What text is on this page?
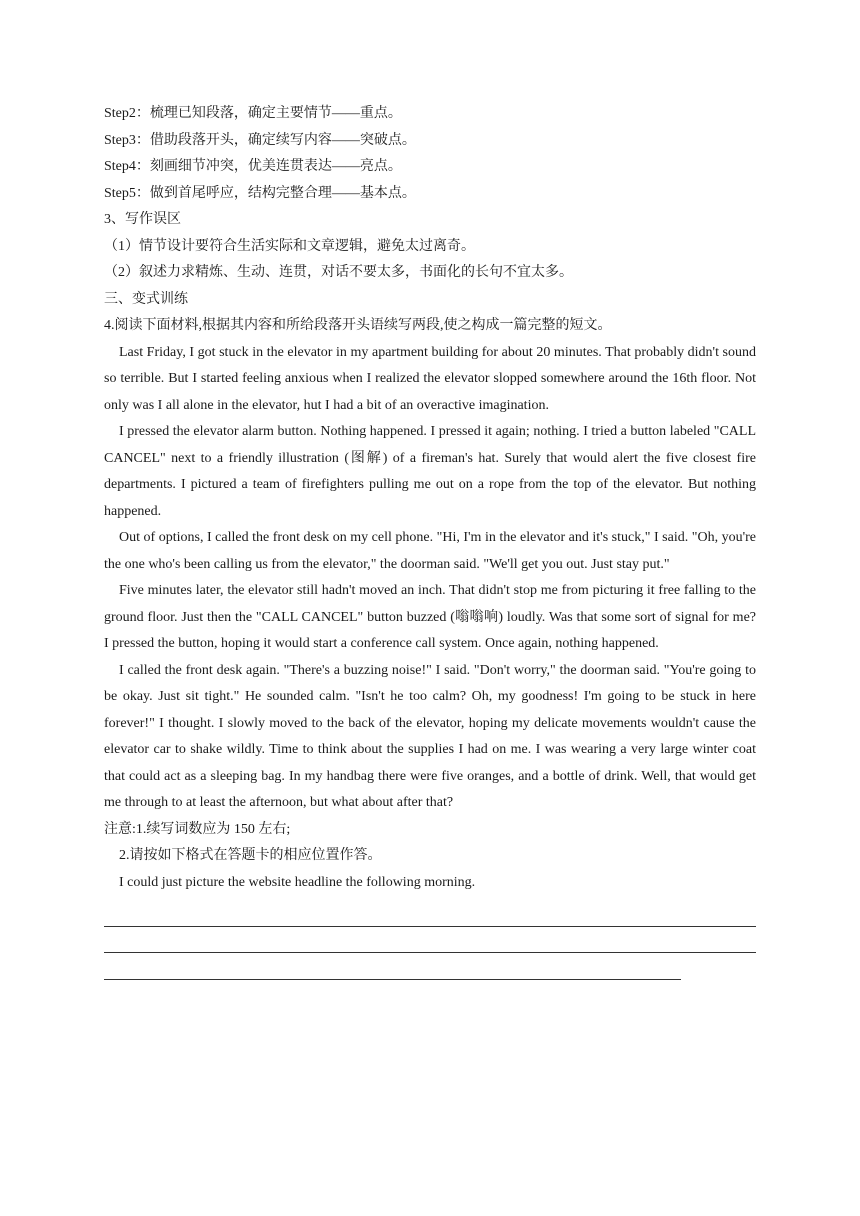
Step2：梳理已知段落，确定主要情节——重点。
Step3：借助段落开头，确定续写内容——突破点。
Step4：刻画细节冲突，优美连贯表达——亮点。
Step5：做到首尾呼应，结构完整合理——基本点。
3、写作误区
（1）情节设计要符合生活实际和文章逻辑，避免太过离奇。
（2）叙述力求精炼、生动、连贯，对话不要太多，书面化的长句不宜太多。
三、变式训练
4.阅读下面材料,根据其内容和所给段落开头语续写两段,使之构成一篇完整的短文。
Last Friday, I got stuck in the elevator in my apartment building for about 20 minutes. That probably didn't sound so terrible. But I started feeling anxious when I realized the elevator slopped somewhere around the 16th floor. Not only was I all alone in the elevator, hut I had a bit of an overactive imagination.
I pressed the elevator alarm button. Nothing happened. I pressed it again; nothing. I tried a button labeled "CALL CANCEL" next to a friendly illustration (图解) of a fireman's hat. Surely that would alert the five closest fire departments. I pictured a team of firefighters pulling me out on a rope from the top of the elevator. But nothing happened.
Out of options, I called the front desk on my cell phone. "Hi, I'm in the elevator and it's stuck," I said. "Oh, you're the one who's been calling us from the elevator," the doorman said. "We'll get you out. Just stay put."
Five minutes later, the elevator still hadn't moved an inch. That didn't stop me from picturing it free falling to the ground floor. Just then the "CALL CANCEL" button buzzed (嗡嗡响) loudly. Was that some sort of signal for me? I pressed the button, hoping it would start a conference call system. Once again, nothing happened.
I called the front desk again. "There's a buzzing noise!" I said. "Don't worry," the doorman said. "You're going to be okay. Just sit tight." He sounded calm. "Isn't he too calm? Oh, my goodness! I'm going to be stuck in here forever!" I thought. I slowly moved to the back of the elevator, hoping my delicate movements wouldn't cause the elevator car to shake wildly. Time to think about the supplies I had on me. I was wearing a very large winter coat that could act as a sleeping bag. In my handbag there were five oranges, and a bottle of drink. Well, that would get me through to at least the afternoon, but what about after that?
注意:1.续写词数应为 150 左右;
2.请按如下格式在答题卡的相应位置作答。
I could just picture the website headline the following morning.
